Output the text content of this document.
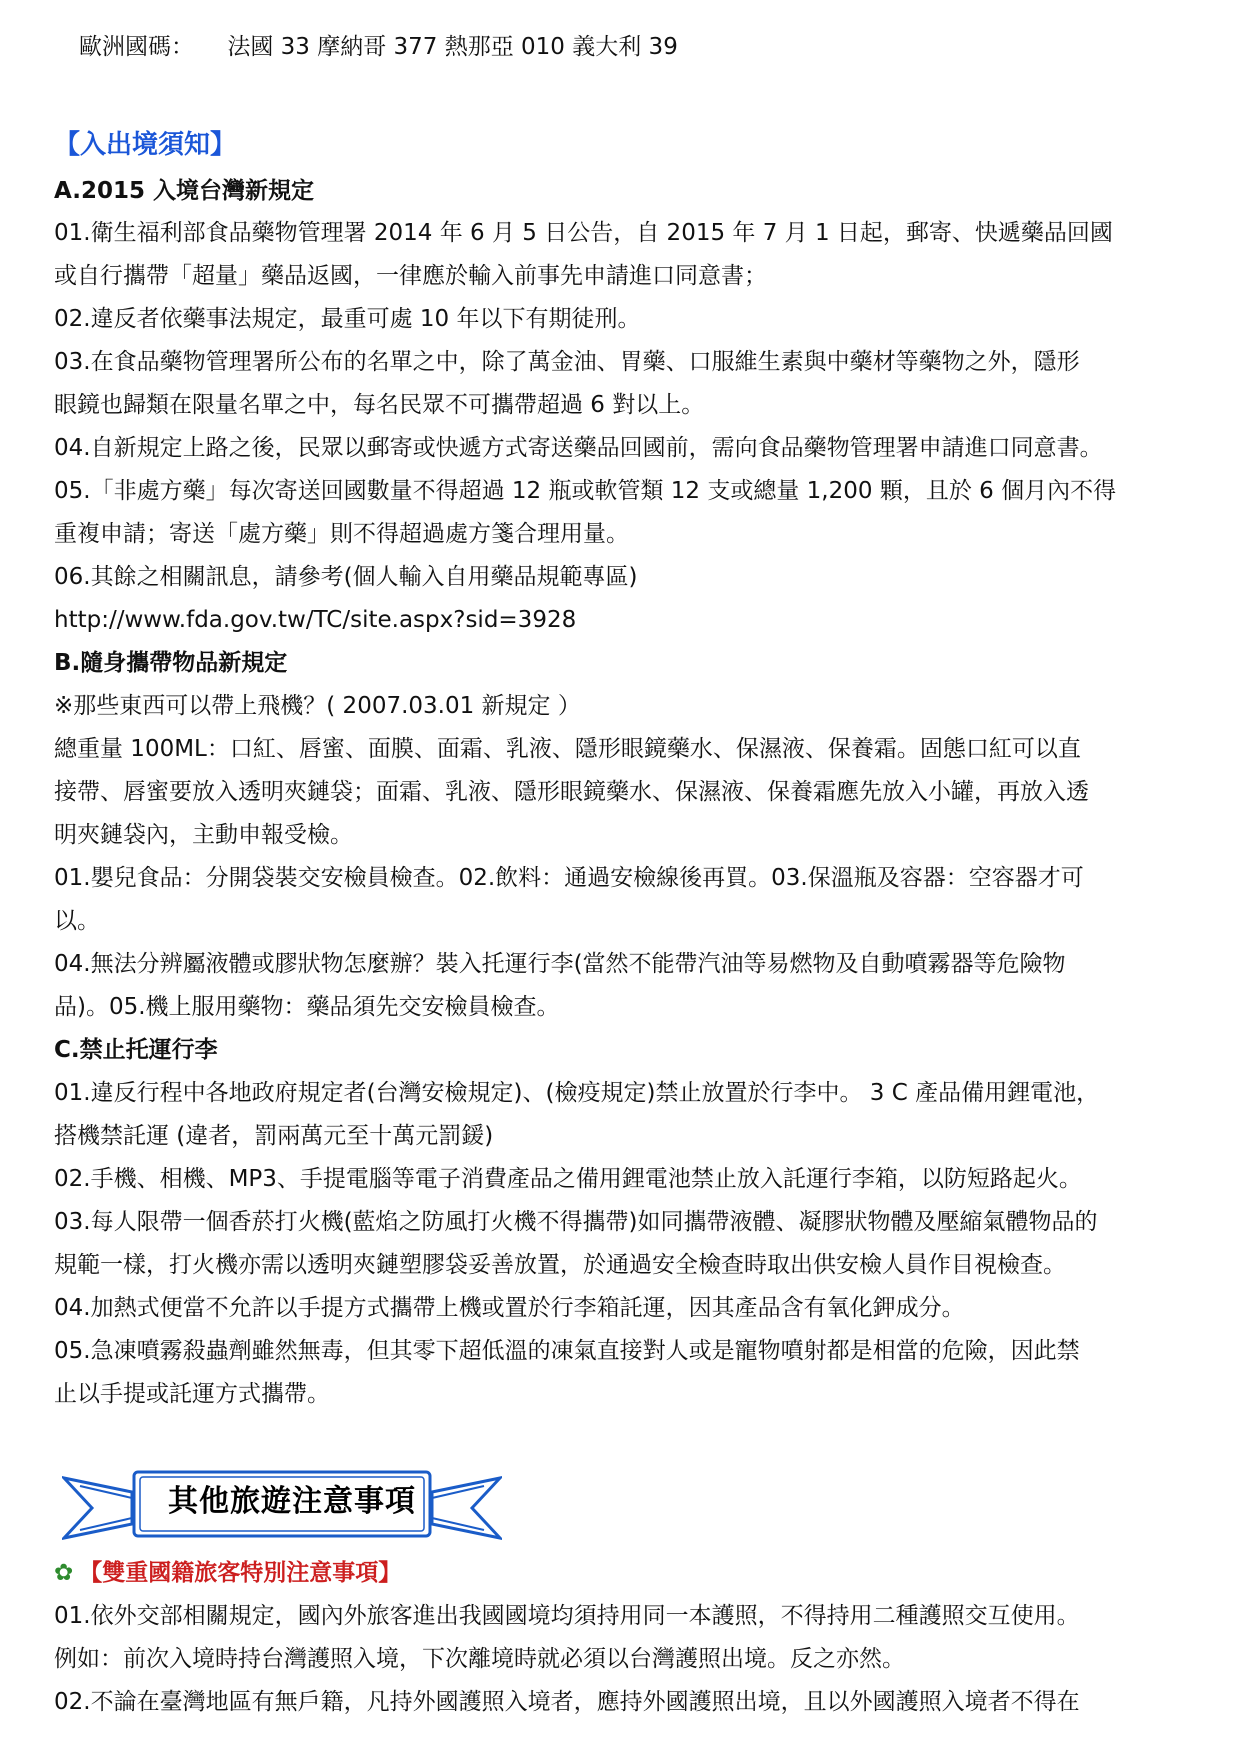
歐洲國碼： 法國 33 摩納哥 377 熱那亞 010 義大利 39
【入出境須知】
A.2015 入境台灣新規定
01.衛生福利部食品藥物管理署 2014 年 6 月 5 日公告，自 2015 年 7 月 1 日起，郵寄、快遞藥品回國
或自行攜帶「超量」藥品返國，一律應於輸入前事先申請進口同意書；
02.違反者依藥事法規定，最重可處 10 年以下有期徒刑。
03.在食品藥物管理署所公布的名單之中，除了萬金油、胃藥、口服維生素與中藥材等藥物之外，隱形
眼鏡也歸類在限量名單之中，每名民眾不可攜帶超過 6 對以上。
04.自新規定上路之後，民眾以郵寄或快遞方式寄送藥品回國前，需向食品藥物管理署申請進口同意書。
05.「非處方藥」每次寄送回國數量不得超過 12 瓶或軟管類 12 支或總量 1,200 顆，且於 6 個月內不得
重複申請；寄送「處方藥」則不得超過處方箋合理用量。
06.其餘之相關訊息，請參考(個人輸入自用藥品規範專區)
http://www.fda.gov.tw/TC/site.aspx?sid=3928
B.隨身攜帶物品新規定
※那些東西可以帶上飛機？( 2007.03.01 新規定 ）
總重量 100ML：口紅、唇蜜、面膜、面霜、乳液、隱形眼鏡藥水、保濕液、保養霜。固態口紅可以直
接帶、唇蜜要放入透明夾鏈袋；面霜、乳液、隱形眼鏡藥水、保濕液、保養霜應先放入小罐，再放入透
明夾鏈袋內，主動申報受檢。
01.嬰兒食品：分開袋裝交安檢員檢查。02.飲料：通過安檢線後再買。03.保溫瓶及容器：空容器才可
以。
04.無法分辨屬液體或膠狀物怎麼辦？裝入托運行李(當然不能帶汽油等易燃物及自動噴霧器等危險物
品)。05.機上服用藥物：藥品須先交安檢員檢查。
C.禁止托運行李
01.違反行程中各地政府規定者(台灣安檢規定)、(檢疫規定)禁止放置於行李中。 3 C 產品備用鋰電池，
搭機禁託運 (違者，罰兩萬元至十萬元罰鍰)
02.手機、相機、MP3、手提電腦等電子消費產品之備用鋰電池禁止放入託運行李箱，以防短路起火。
03.每人限帶一個香菸打火機(藍焰之防風打火機不得攜帶)如同攜帶液體、凝膠狀物體及壓縮氣體物品的
規範一樣，打火機亦需以透明夾鏈塑膠袋妥善放置，於通過安全檢查時取出供安檢人員作目視檢查。
04.加熱式便當不允許以手提方式攜帶上機或置於行李箱託運，因其產品含有氧化鉀成分。
05.急凍噴霧殺蟲劑雖然無毒，但其零下超低溫的凍氣直接對人或是寵物噴射都是相當的危險，因此禁
止以手提或託運方式攜帶。
其他旅遊注意事項
✿ 【雙重國籍旅客特別注意事項】
01.依外交部相關規定，國內外旅客進出我國國境均須持用同一本護照，不得持用二種護照交互使用。
例如：前次入境時持台灣護照入境，下次離境時就必須以台灣護照出境。反之亦然。
02.不論在臺灣地區有無戶籍，凡持外國護照入境者，應持外國護照出境，且以外國護照入境者不得在
